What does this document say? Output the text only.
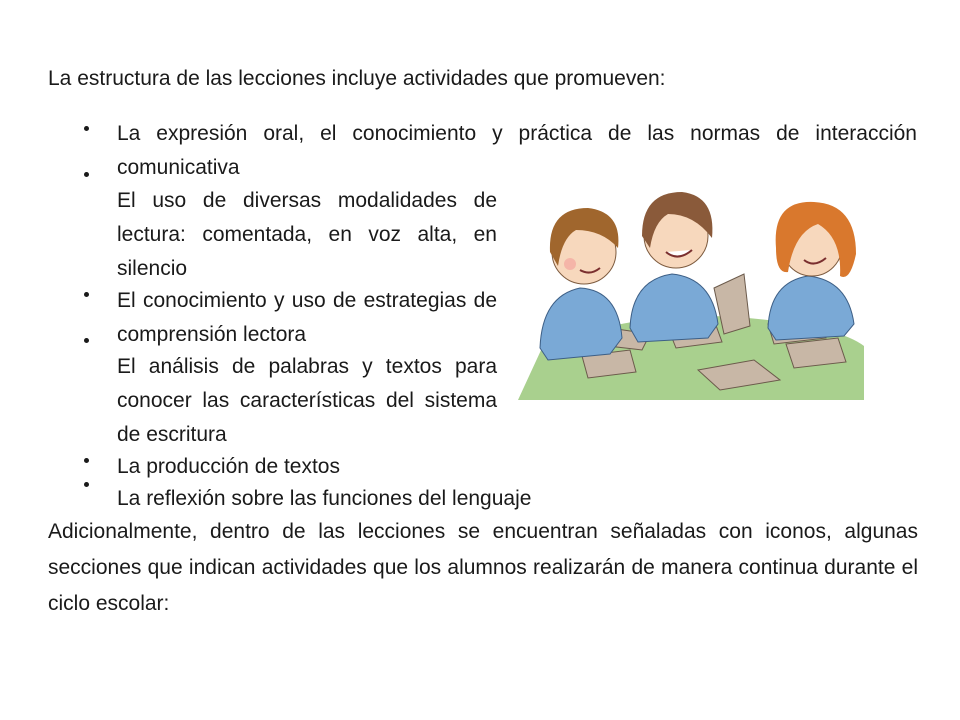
La estructura de las lecciones incluye actividades que promueven:
La expresión oral, el conocimiento y práctica de las normas de interacción comunicativa
El uso de diversas modalidades de lectura: comentada, en voz alta, en silencio
El conocimiento y uso de estrategias de comprensión lectora
El análisis de palabras y textos para conocer las características del sistema de escritura
La producción de textos
La reflexión sobre las funciones del lenguaje
Adicionalmente, dentro de las lecciones se encuentran señaladas con iconos, algunas secciones que indican actividades que los alumnos realizarán de manera continua durante el ciclo escolar:
